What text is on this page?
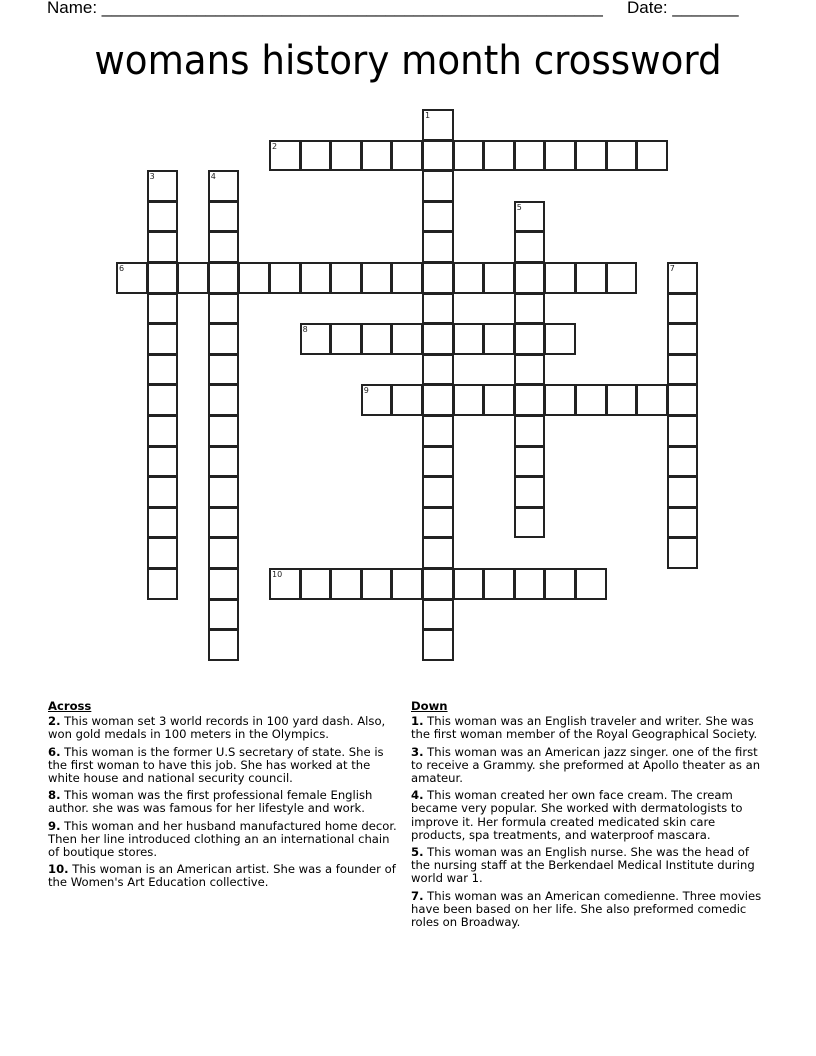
Name: _____________________________________________________ Date: _______
womans history month crossword
1
2
3	4
5
6	7
8
9
10
Across
2. This woman set 3 world records in 100 yard dash. Also, won gold medals in 100 meters in the Olympics.
6. This woman is the former U.S secretary of state. She is the first woman to have this job. She has worked at the white house and national security council.
8. This woman was the first professional female English author. she was was famous for her lifestyle and work.
9. This woman and her husband manufactured home decor. Then her line introduced clothing an an international chain of boutique stores.
10. This woman is an American artist. She was a founder of the Women's Art Education collective.
Down
1. This woman was an English traveler and writer. She was the first woman member of the Royal Geographical Society.
3. This woman was an American jazz singer. one of the first to receive a Grammy. she preformed at Apollo theater as an amateur.
4. This woman created her own face cream. The cream became very popular. She worked with dermatologists to improve it. Her formula created medicated skin care products, spa treatments, and waterproof mascara.
5. This woman was an English nurse. She was the head of the nursing staff at the Berkendael Medical Institute during world war 1.
7. This woman was an American comedienne. Three movies have been based on her life. She also preformed comedic roles on Broadway.
